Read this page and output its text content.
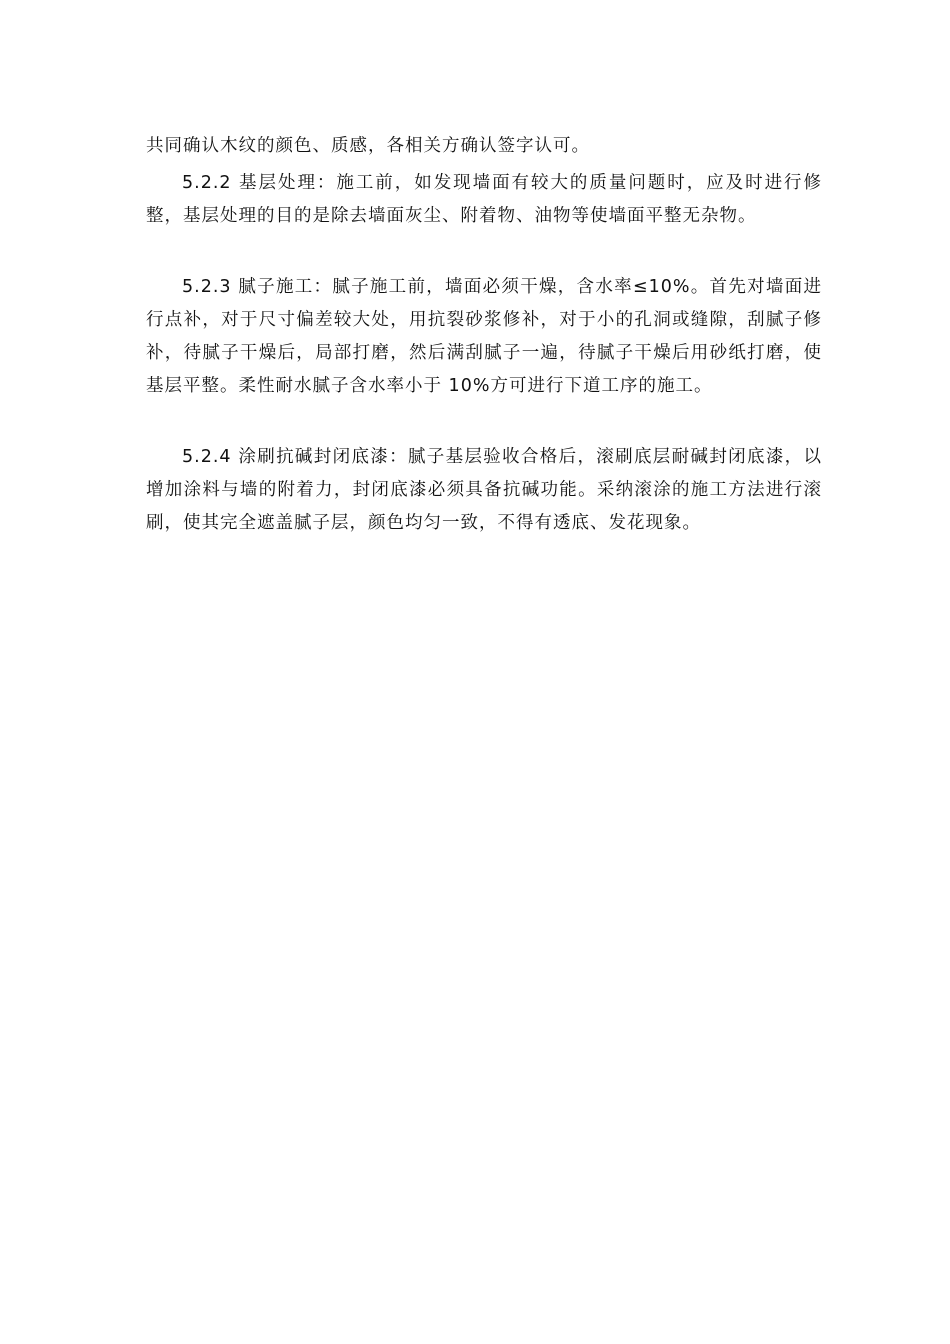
共同确认木纹的颜色、质感，各相关方确认签字认可。

5.2.2 基层处理：施工前，如发现墙面有较大的质量问题时，应及时进行修整，基层处理的目的是除去墙面灰尘、附着物、油物等使墙面平整无杂物。

5.2.3 腻子施工：腻子施工前，墙面必须干燥，含水率≤10%。首先对墙面进行点补，对于尺寸偏差较大处，用抗裂砂浆修补，对于小的孔洞或缝隙，刮腻子修补，待腻子干燥后，局部打磨，然后满刮腻子一遍，待腻子干燥后用砂纸打磨，使基层平整。柔性耐水腻子含水率小于 10%方可进行下道工序的施工。

5.2.4 涂刷抗碱封闭底漆：腻子基层验收合格后，滚刷底层耐碱封闭底漆，以增加涂料与墙的附着力，封闭底漆必须具备抗碱功能。采纳滚涂的施工方法进行滚刷，使其完全遮盖腻子层，颜色均匀一致，不得有透底、发花现象。
